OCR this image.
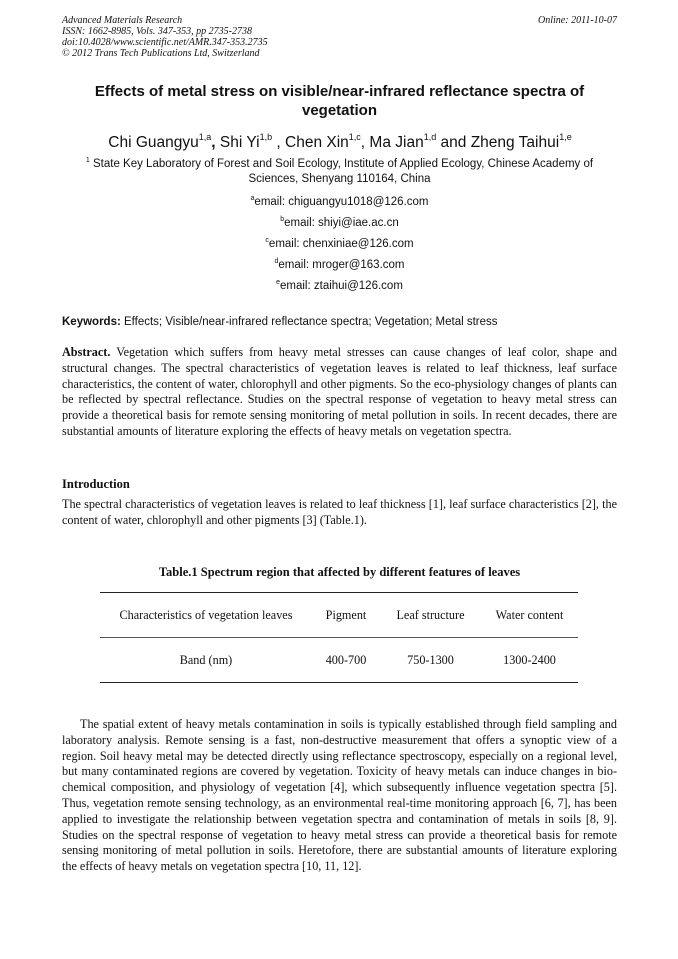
Advanced Materials Research
ISSN: 1662-8985, Vols. 347-353, pp 2735-2738
doi:10.4028/www.scientific.net/AMR.347-353.2735
© 2012 Trans Tech Publications Ltd, Switzerland
Online: 2011-10-07
Effects of metal stress on visible/near-infrared reflectance spectra of
vegetation
Chi Guangyu$^{1,a}$, Shi Yi$^{1,b}$ , Chen Xin$^{1,c}$, Ma Jian$^{1,d}$ and Zheng Taihui$^{1,e}$
$^1$ State Key Laboratory of Forest and Soil Ecology, Institute of Applied Ecology, Chinese Academy of
Sciences, Shenyang 110164, China
$^a$email: chiguangyu1018@126.com
$^b$email: shiyi@iae.ac.cn
$^c$email: chenxiniae@126.com
$^d$email: mroger@163.com
$^e$email: ztaihui@126.com
Keywords: Effects; Visible/near-infrared reflectance spectra; Vegetation; Metal stress
Abstract. Vegetation which suffers from heavy metal stresses can cause changes of leaf color, shape and structural changes. The spectral characteristics of vegetation leaves is related to leaf thickness, leaf surface characteristics, the content of water, chlorophyll and other pigments. So the eco-physiology changes of plants can be reflected by spectral reflectance. Studies on the spectral response of vegetation to heavy metal stress can provide a theoretical basis for remote sensing monitoring of metal pollution in soils. In recent decades, there are substantial amounts of literature exploring the effects of heavy metals on vegetation spectra.
Introduction
The spectral characteristics of vegetation leaves is related to leaf thickness [1], leaf surface characteristics [2], the content of water, chlorophyll and other pigments [3] (Table.1).
Table.1 Spectrum region that affected by different features of leaves
Characteristics of vegetation leaves	Pigment	Leaf structure	Water content
Band (nm)	400-700	750-1300	1300-2400
The spatial extent of heavy metals contamination in soils is typically established through field sampling and laboratory analysis. Remote sensing is a fast, non-destructive measurement that offers a synoptic view of a region. Soil heavy metal may be detected directly using reflectance spectroscopy, especially on a regional level, but many contaminated regions are covered by vegetation. Toxicity of heavy metals can induce changes in bio-chemical composition, and physiology of vegetation [4], which subsequently influence vegetation spectra [5]. Thus, vegetation remote sensing technology, as an environmental real-time monitoring approach [6, 7], has been applied to investigate the relationship between vegetation spectra and contamination of metals in soils [8, 9]. Studies on the spectral response of vegetation to heavy metal stress can provide a theoretical basis for remote sensing monitoring of metal pollution in soils. Heretofore, there are substantial amounts of literature exploring the effects of heavy metals on vegetation spectra [10, 11, 12].
